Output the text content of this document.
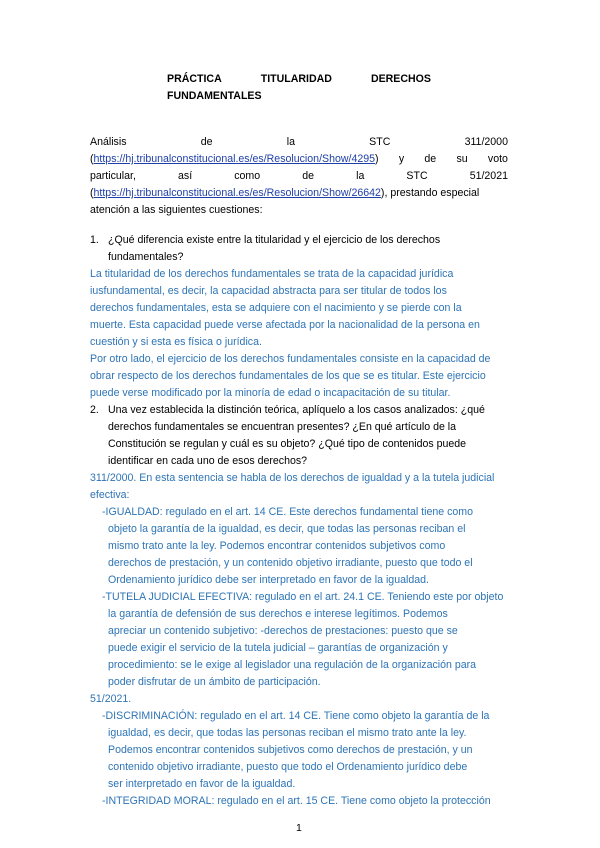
PRÁCTICA	TITULARIDAD	DERECHOS
FUNDAMENTALES
Análisis	de	la	STC	311/2000
(https://hj.tribunalconstitucional.es/es/Resolucion/Show/4295) y de su voto
particular,	así	como	de	la	STC	51/2021
(https://hj.tribunalconstitucional.es/es/Resolucion/Show/26642), prestando especial
atención a las siguientes cuestiones:
1. ¿Qué diferencia existe entre la titularidad y el ejercicio de los derechos
fundamentales?
La titularidad de los derechos fundamentales se trata de la capacidad jurídica
iusfundamental, es decir, la capacidad abstracta para ser titular de todos los
derechos fundamentales, esta se adquiere con el nacimiento y se pierde con la
muerte. Esta capacidad puede verse afectada por la nacionalidad de la persona en
cuestión y si esta es física o jurídica.
Por otro lado, el ejercicio de los derechos fundamentales consiste en la capacidad de
obrar respecto de los derechos fundamentales de los que se es titular. Este ejercicio
puede verse modificado por la minoría de edad o incapacitación de su titular.
2. Una vez establecida la distinción teórica, aplíquelo a los casos analizados: ¿qué
derechos fundamentales se encuentran presentes? ¿En qué artículo de la
Constitución se regulan y cuál es su objeto? ¿Qué tipo de contenidos puede
identificar en cada uno de esos derechos?
311/2000. En esta sentencia se habla de los derechos de igualdad y a la tutela judicial
efectiva:
-IGUALDAD: regulado en el art. 14 CE. Este derechos fundamental tiene como
objeto la garantía de la igualdad, es decir, que todas las personas reciban el
mismo trato ante la ley. Podemos encontrar contenidos subjetivos como
derechos de prestación, y un contenido objetivo irradiante, puesto que todo el
Ordenamiento jurídico debe ser interpretado en favor de la igualdad.
-TUTELA JUDICIAL EFECTIVA: regulado en el art. 24.1 CE. Teniendo este por objeto
la garantía de defensión de sus derechos e interese legítimos. Podemos
apreciar un contenido subjetivo: -derechos de prestaciones: puesto que se
puede exigir el servicio de la tutela judicial – garantías de organización y
procedimiento: se le exige al legislador una regulación de la organización para
poder disfrutar de un ámbito de participación.
51/2021.
-DISCRIMINACIÓN: regulado en el art. 14 CE. Tiene como objeto la garantía de la
igualdad, es decir, que todas las personas reciban el mismo trato ante la ley.
Podemos encontrar contenidos subjetivos como derechos de prestación, y un
contenido objetivo irradiante, puesto que todo el Ordenamiento jurídico debe
ser interpretado en favor de la igualdad.
-INTEGRIDAD MORAL: regulado en el art. 15 CE. Tiene como objeto la protección
1
